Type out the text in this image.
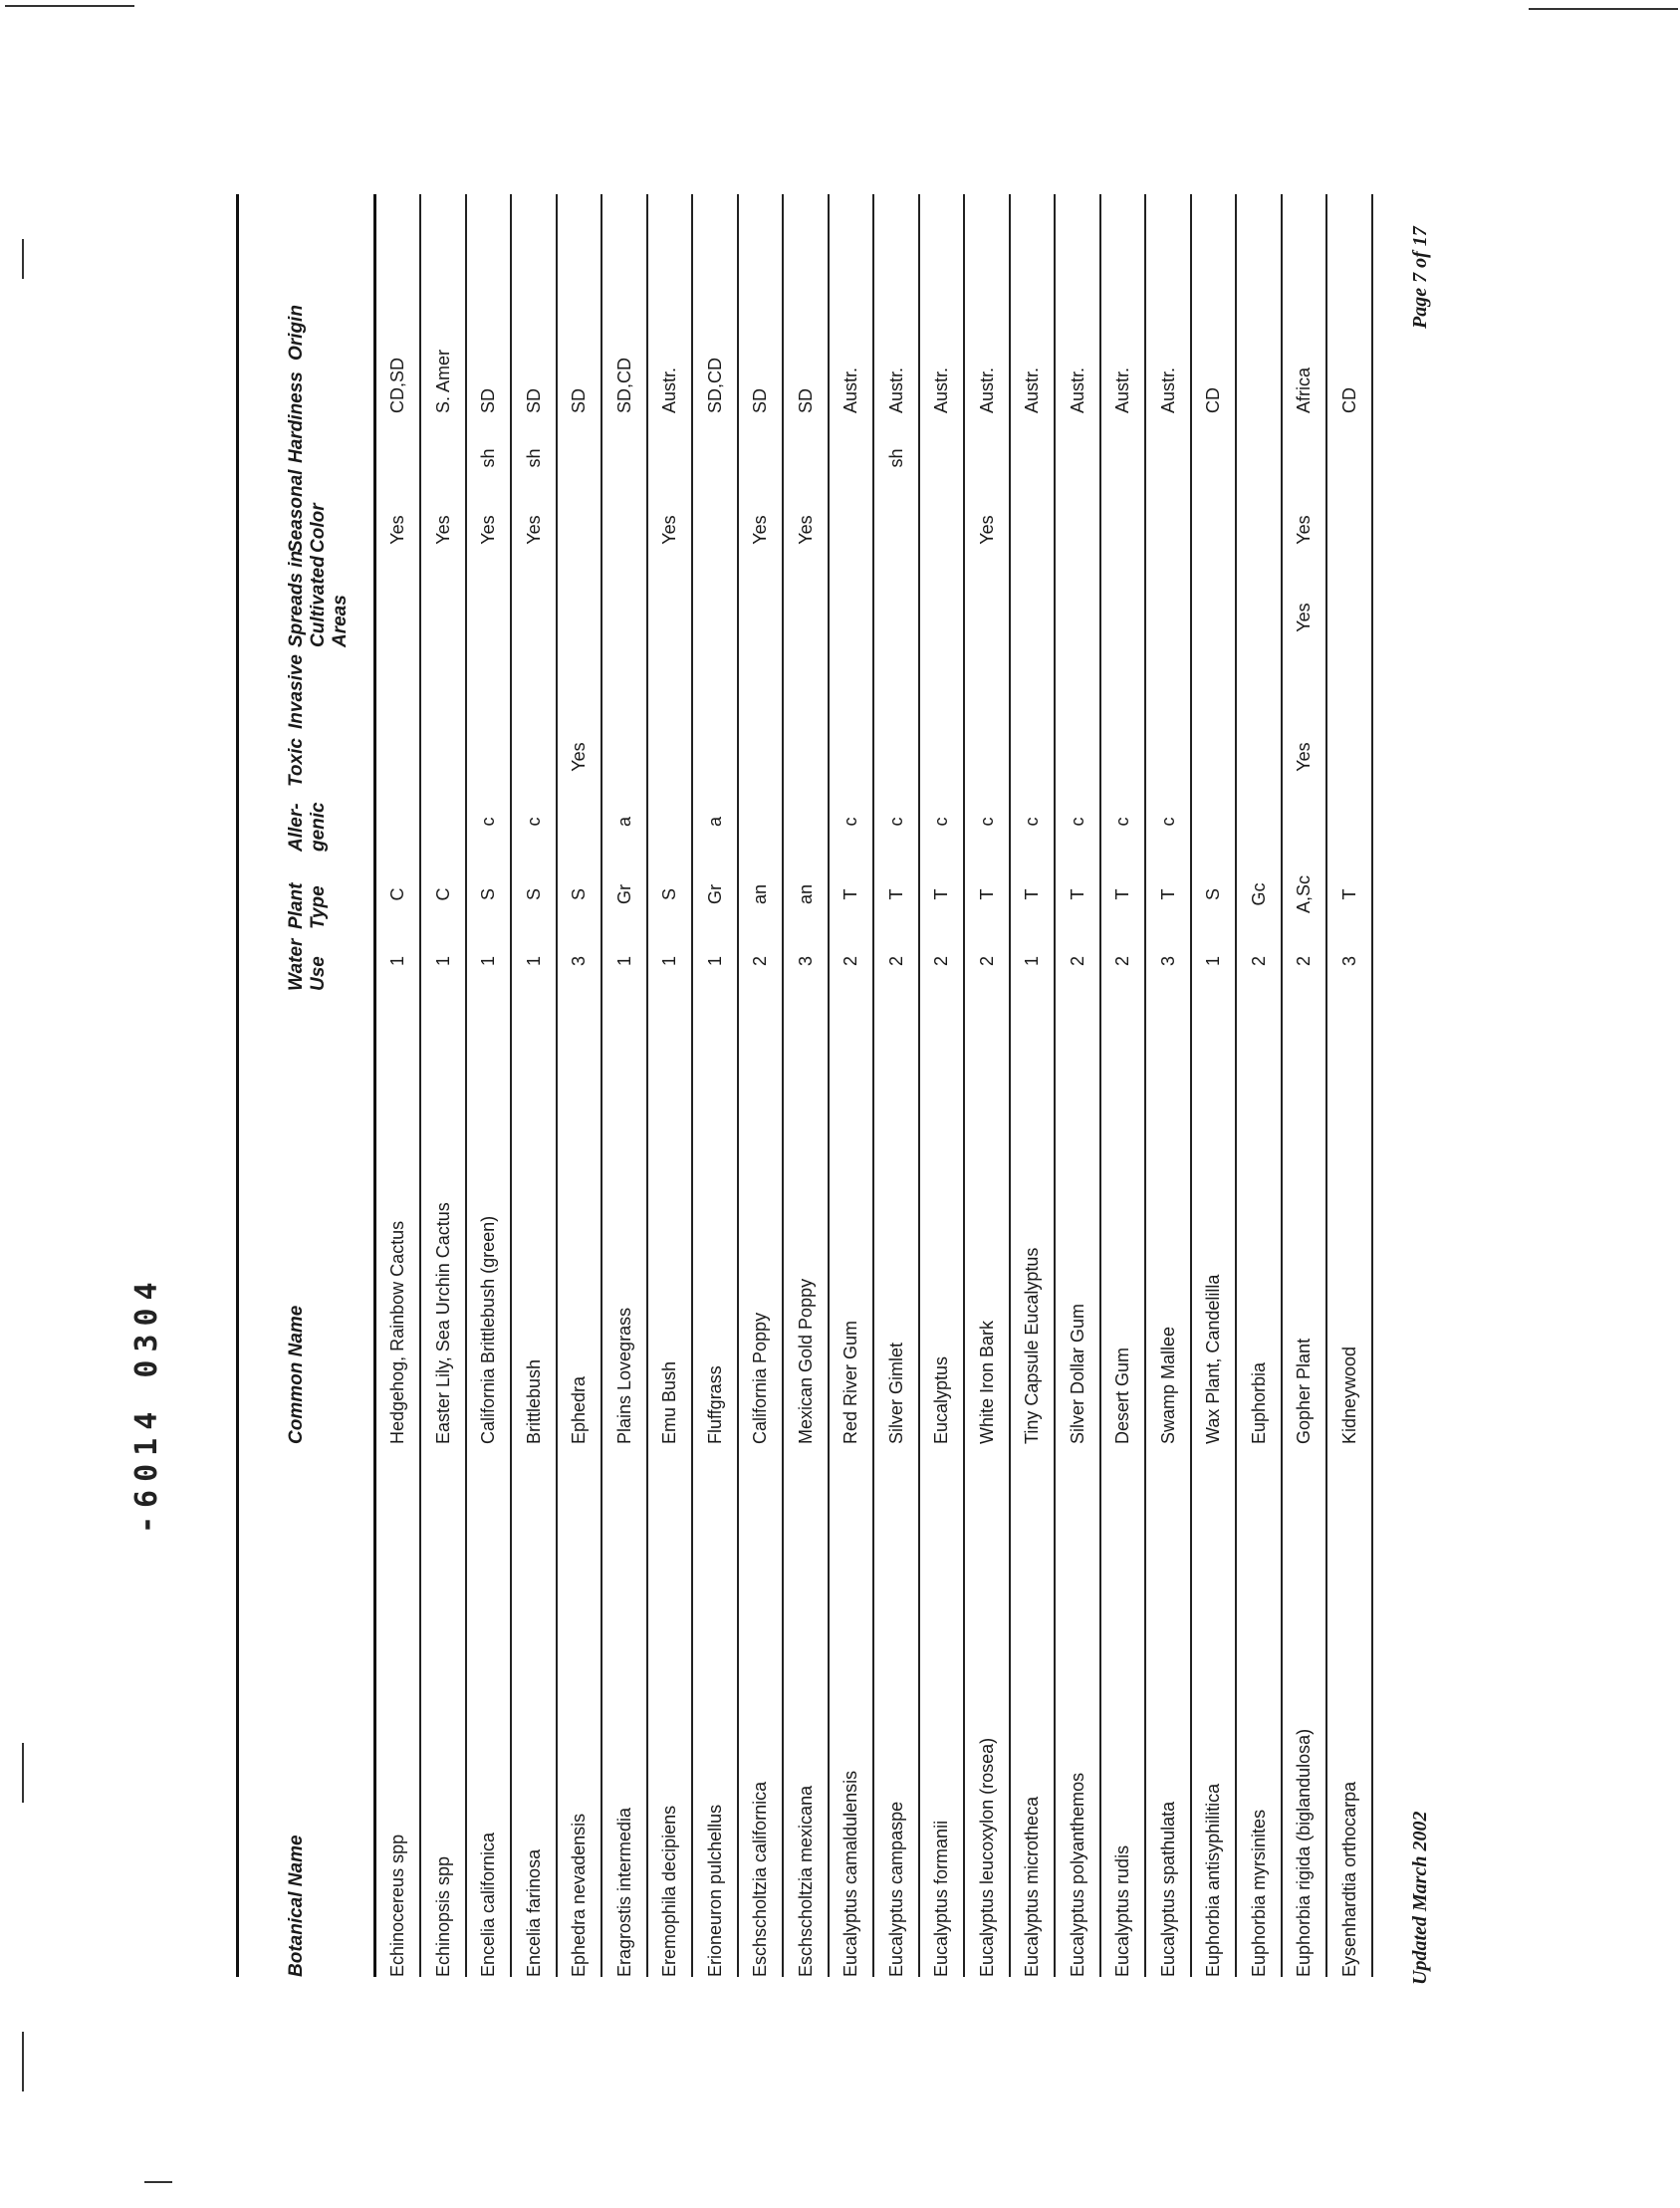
Botanical Name
Common Name
Water Use
Plant Type
Aller- genic
Toxic
Invasive
Spreads in Cultivated Areas
Seasonal Color
Hardiness
Origin
Echinocereus spp
Hedgehog, Rainbow Cactus
1
C
Yes
CD,SD
Echinopsis spp
Easter Lily, Sea Urchin Cactus
1
C
Yes
S. Amer
Encelia californica
California Brittlebush (green)
1
S
c
Yes
sh
SD
Encelia farinosa
Brittlebush
1
S
c
Yes
sh
SD
Ephedra nevadensis
Ephedra
3
S
Yes
SD
Eragrostis intermedia
Plains Lovegrass
1
Gr
a
SD,CD
Eremophila decipiens
Emu Bush
1
S
Yes
Austr.
Erioneuron pulchellus
Fluffgrass
1
Gr
a
SD,CD
Eschscholtzia californica
California Poppy
2
an
Yes
SD
Eschscholtzia mexicana
Mexican Gold Poppy
3
an
Yes
SD
Eucalyptus camaldulensis
Red River Gum
2
T
c
Austr.
Eucalyptus campaspe
Silver Gimlet
2
T
c
sh
Austr.
Eucalyptus formanii
Eucalyptus
2
T
c
Austr.
Eucalyptus leucoxylon (rosea)
White Iron Bark
2
T
c
Yes
Austr.
Eucalyptus microtheca
Tiny Capsule Eucalyptus
1
T
c
Austr.
Eucalyptus polyanthemos
Silver Dollar Gum
2
T
c
Austr.
Eucalyptus rudis
Desert Gum
2
T
c
Austr.
Eucalyptus spathulata
Swamp Mallee
3
T
c
Austr.
Euphorbia antisyphilitica
Wax Plant, Candelilla
1
S
CD
Euphorbia myrsinites
Euphorbia
2
Gc
Euphorbia rigida (biglandulosa)
Gopher Plant
2
A,Sc
Yes
Yes
Yes
Africa
Eysenhardtia orthocarpa
Kidneywood
3
T
CD
Updated March 2002
Page 7 of 17
-6014 0304
